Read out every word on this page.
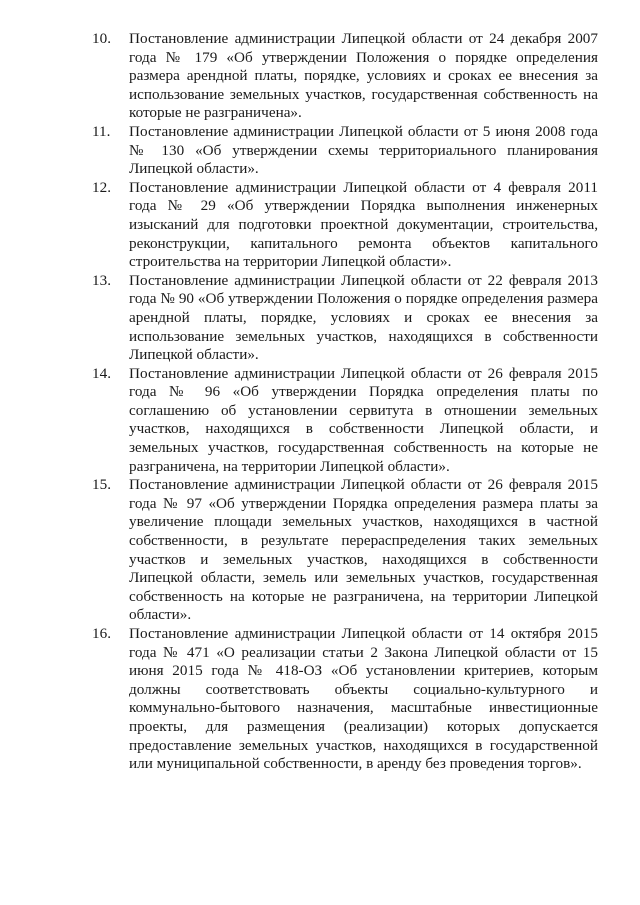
10.	Постановление администрации Липецкой области от 24 декабря 2007 года № 179 «Об утверждении Положения о порядке определения размера арендной платы, порядке, условиях и сроках ее внесения за использование земельных участков, государственная собственность на которые не разграничена».

11.	Постановление администрации Липецкой области от 5 июня 2008 года № 130 «Об утверждении схемы территориального планирования Липецкой области».

12.	Постановление администрации Липецкой области от 4 февраля 2011 года № 29 «Об утверждении Порядка выполнения инженерных изысканий для подготовки проектной документации, строительства, реконструкции, капитального ремонта объектов капитального строительства на территории Липецкой области».

13.	Постановление администрации Липецкой области от 22 февраля 2013 года № 90 «Об утверждении Положения о порядке определения размера арендной платы, порядке, условиях и сроках ее внесения за использование земельных участков, находящихся в собственности Липецкой области».

14.	Постановление администрации Липецкой области от 26 февраля 2015 года № 96 «Об утверждении Порядка определения платы по соглашению об установлении сервитута в отношении земельных участков, находящихся в собственности Липецкой области, и земельных участков, государственная собственность на которые не разграничена, на территории Липецкой области».

15.	Постановление администрации Липецкой области от 26 февраля 2015 года № 97 «Об утверждении Порядка определения размера платы за увеличение площади земельных участков, находящихся в частной собственности, в результате перераспределения таких земельных участков и земельных участков, находящихся в собственности Липецкой области, земель или земельных участков, государственная собственность на которые не разграничена, на территории Липецкой области».

16.	Постановление администрации Липецкой области от 14 октября 2015 года № 471 «О реализации статьи 2 Закона Липецкой области от 15 июня 2015 года № 418-ОЗ «Об установлении критериев, которым должны соответствовать объекты социально-культурного и коммунально-бытового назначения, масштабные инвестиционные проекты, для размещения (реализации) которых допускается предоставление земельных участков, находящихся в государственной или муниципальной собственности, в аренду без проведения торгов».
